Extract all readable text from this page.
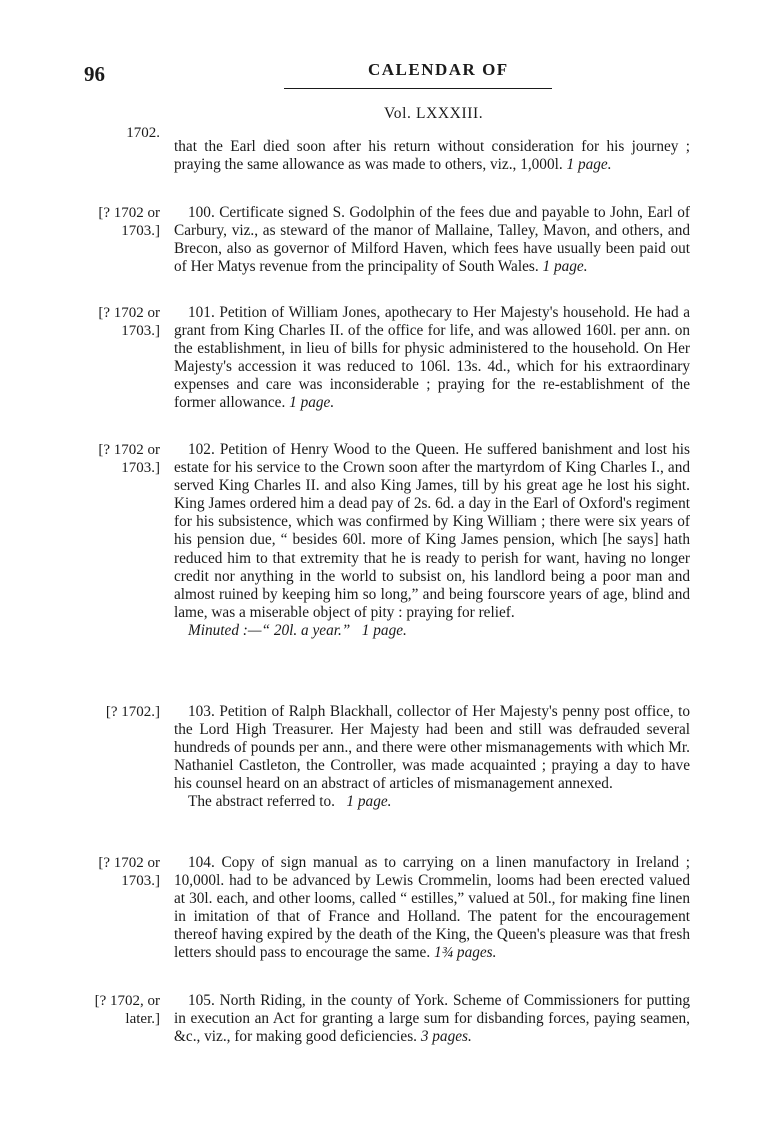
96	CALENDAR OF
Vol. LXXXIII.
1702.

that the Earl died soon after his return without consideration for his journey ; praying the same allowance as was made to others, viz., 1,000l. 1 page.

[? 1702 or
1703.]

100. Certificate signed S. Godolphin of the fees due and payable to John, Earl of Carbury, viz., as steward of the manor of Mallaine, Talley, Mavon, and others, and Brecon, also as governor of Milford Haven, which fees have usually been paid out of Her Matys revenue from the principality of South Wales. 1 page.

[? 1702 or
1703.]

101. Petition of William Jones, apothecary to Her Majesty's household. He had a grant from King Charles II. of the office for life, and was allowed 160l. per ann. on the establishment, in lieu of bills for physic administered to the household. On Her Majesty's accession it was reduced to 106l. 13s. 4d., which for his extraordinary expenses and care was inconsiderable ; praying for the re-establishment of the former allowance. 1 page.

[? 1702 or
1703.]

102. Petition of Henry Wood to the Queen. He suffered banishment and lost his estate for his service to the Crown soon after the martyrdom of King Charles I., and served King Charles II. and also King James, till by his great age he lost his sight. King James ordered him a dead pay of 2s. 6d. a day in the Earl of Oxford's regiment for his subsistence, which was confirmed by King William ; there were six years of his pension due, “ besides 60l. more of King James pension, which [he says] hath reduced him to that extremity that he is ready to perish for want, having no longer credit nor anything in the world to subsist on, his landlord being a poor man and almost ruined by keeping him so long,” and being fourscore years of age, blind and lame, was a miserable object of pity : praying for relief.

Minuted :—“ 20l. a year.” 1 page.

[? 1702.]	103. Petition of Ralph Blackhall, collector of Her Majesty's penny post office, to the Lord High Treasurer. Her Majesty had been and still was defrauded several hundreds of pounds per ann., and there were other mismanagements with which Mr. Nathaniel Castleton, the Controller, was made acquainted ; praying a day to have his counsel heard on an abstract of articles of mismanagement annexed.

The abstract referred to. 1 page.

[? 1702 or
1703.]

104. Copy of sign manual as to carrying on a linen manufactory in Ireland ; 10,000l. had to be advanced by Lewis Crommelin, looms had been erected valued at 30l. each, and other looms, called “ estilles,” valued at 50l., for making fine linen in imitation of that of France and Holland. The patent for the encouragement thereof having expired by the death of the King, the Queen's pleasure was that fresh letters should pass to encourage the same. 1¾ pages.

[? 1702, or
later.]

105. North Riding, in the county of York. Scheme of Commissioners for putting in execution an Act for granting a large sum for disbanding forces, paying seamen, &c., viz., for making good deficiencies. 3 pages.
